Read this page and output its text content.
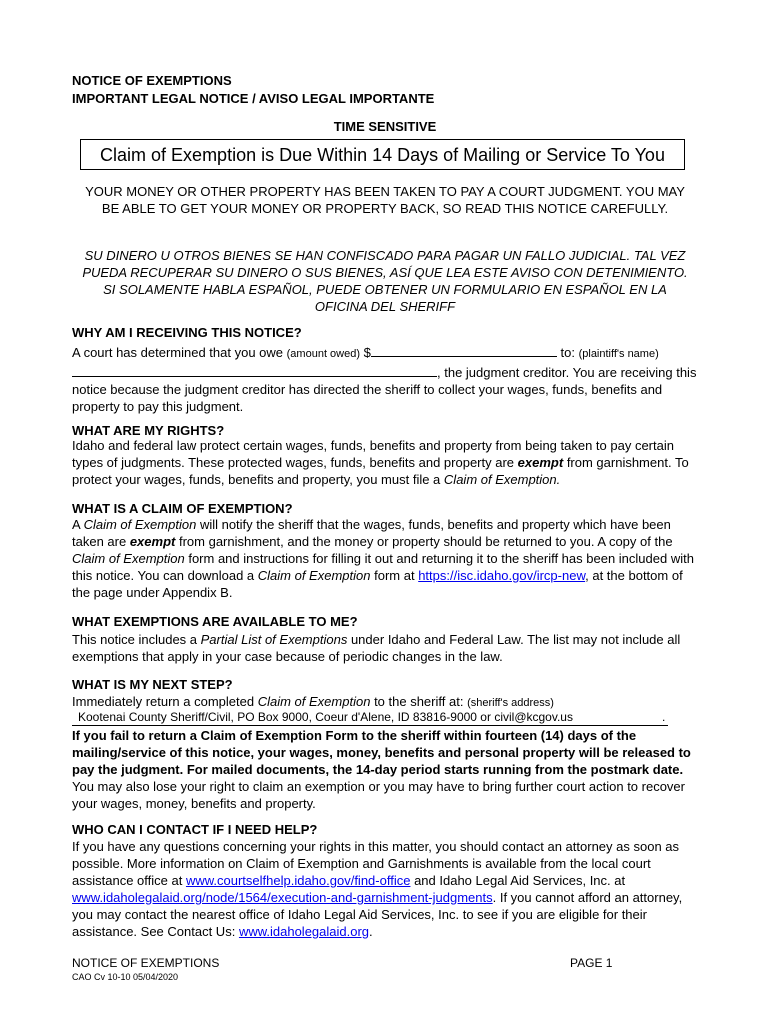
NOTICE OF EXEMPTIONS
IMPORTANT LEGAL NOTICE / AVISO LEGAL IMPORTANTE
TIME SENSITIVE
Claim of Exemption is Due Within 14 Days of Mailing or Service To You
YOUR MONEY OR OTHER PROPERTY HAS BEEN TAKEN TO PAY A COURT JUDGMENT. YOU MAY BE ABLE TO GET YOUR MONEY OR PROPERTY BACK, SO READ THIS NOTICE CAREFULLY.
SU DINERO U OTROS BIENES SE HAN CONFISCADO PARA PAGAR UN FALLO JUDICIAL. TAL VEZ PUEDA RECUPERAR SU DINERO O SUS BIENES, ASÍ QUE LEA ESTE AVISO CON DETENIMIENTO. SI SOLAMENTE HABLA ESPAÑOL, PUEDE OBTENER UN FORMULARIO EN ESPAÑOL EN LA OFICINA DEL SHERIFF
WHY AM I RECEIVING THIS NOTICE?
A court has determined that you owe (amount owed) $	to: (plaintiff's name)
, the judgment creditor. You are receiving this notice because the judgment creditor has directed the sheriff to collect your wages, funds, benefits and property to pay this judgment.
WHAT ARE MY RIGHTS?
Idaho and federal law protect certain wages, funds, benefits and property from being taken to pay certain types of judgments. These protected wages, funds, benefits and property are exempt from garnishment. To protect your wages, funds, benefits and property, you must file a Claim of Exemption.
WHAT IS A CLAIM OF EXEMPTION?
A Claim of Exemption will notify the sheriff that the wages, funds, benefits and property which have been taken are exempt from garnishment, and the money or property should be returned to you. A copy of the Claim of Exemption form and instructions for filling it out and returning it to the sheriff has been included with this notice. You can download a Claim of Exemption form at https://isc.idaho.gov/ircp-new, at the bottom of the page under Appendix B.
WHAT EXEMPTIONS ARE AVAILABLE TO ME?
This notice includes a Partial List of Exemptions under Idaho and Federal Law. The list may not include all exemptions that apply in your case because of periodic changes in the law.
WHAT IS MY NEXT STEP?
Immediately return a completed Claim of Exemption to the sheriff at: (sheriff's address)
Kootenai County Sheriff/Civil, PO Box 9000, Coeur d'Alene, ID 83816-9000 or civil@kcgov.us	.
If you fail to return a Claim of Exemption Form to the sheriff within fourteen (14) days of the mailing/service of this notice, your wages, money, benefits and personal property will be released to pay the judgment. For mailed documents, the 14-day period starts running from the postmark date. You may also lose your right to claim an exemption or you may have to bring further court action to recover your wages, money, benefits and property.
WHO CAN I CONTACT IF I NEED HELP?
If you have any questions concerning your rights in this matter, you should contact an attorney as soon as possible. More information on Claim of Exemption and Garnishments is available from the local court assistance office at www.courtselfhelp.idaho.gov/find-office and Idaho Legal Aid Services, Inc. at www.idaholegalaid.org/node/1564/execution-and-garnishment-judgments. If you cannot afford an attorney, you may contact the nearest office of Idaho Legal Aid Services, Inc. to see if you are eligible for their assistance. See Contact Us: www.idaholegalaid.org.
NOTICE OF EXEMPTIONS
CAO Cv 10-10 05/04/2020
PAGE 1
